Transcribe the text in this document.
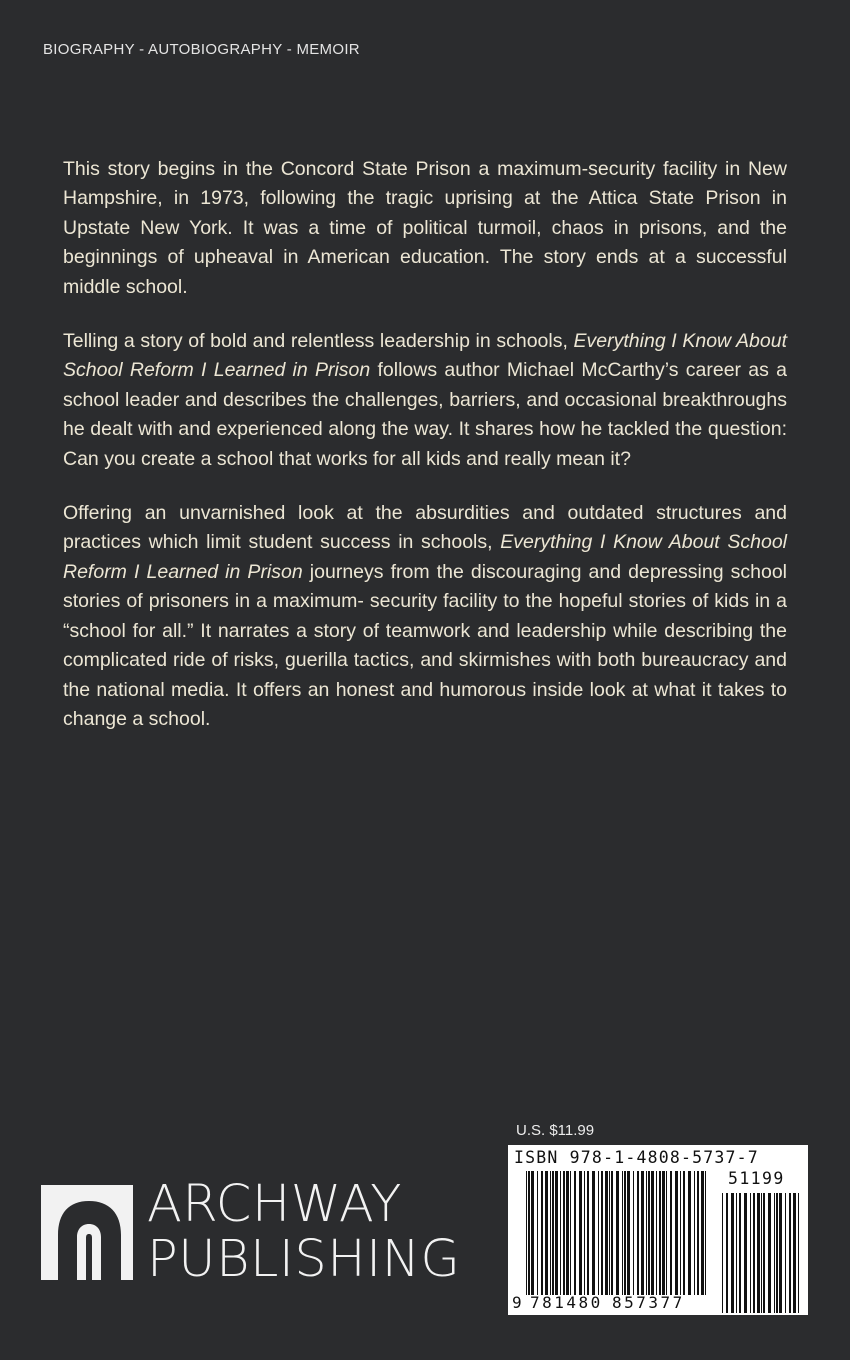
BIOGRAPHY - AUTOBIOGRAPHY - MEMOIR

This story begins in the Concord State Prison a maximum-security facility in New Hampshire, in 1973, following the tragic uprising at the Attica State Prison in Upstate New York. It was a time of political turmoil, chaos in prisons, and the beginnings of upheaval in American education. The story ends at a successful middle school.

Telling a story of bold and relentless leadership in schools, Everything I Know About School Reform I Learned in Prison follows author Michael McCarthy’s career as a school leader and describes the challenges, barriers, and occasional breakthroughs he dealt with and experienced along the way. It shares how he tackled the question: Can you create a school that works for all kids and really mean it?

Offering an unvarnished look at the absurdities and outdated structures and practices which limit student success in schools, Everything I Know About School Reform I Learned in Prison journeys from the discouraging and depressing school stories of prisoners in a maximum- security facility to the hopeful stories of kids in a “school for all.” It narrates a story of teamwork and leadership while describing the complicated ride of risks, guerilla tactics, and skirmishes with both bureaucracy and the national media. It offers an honest and humorous inside look at what it takes to change a school.

U.S. $11.99
ARCHWAY
PUBLISHING
ISBN 978-1-4808-5737-7
51199
9 781480 857377
